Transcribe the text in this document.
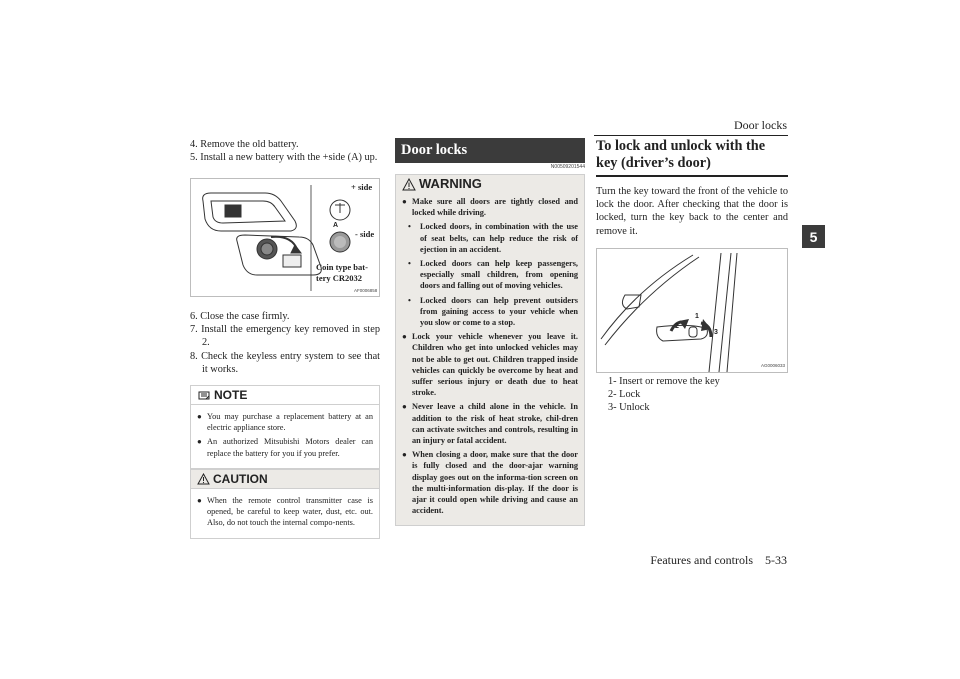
Door locks
5
Features and controls    5-33
4. Remove the old battery.
5. Install a new battery with the +side (A) up.
+ side
A
- side
Coin type bat-tery CR2032
AF0006858
6. Close the case firmly.
7. Install the emergency key removed in step 2.
8. Check the keyless entry system to see that it works.
NOTE
● You may purchase a replacement battery at an electric appliance store.
● An authorized Mitsubishi Motors dealer can replace the battery for you if you prefer.
CAUTION
● When the remote control transmitter case is opened, be careful to keep water, dust, etc. out. Also, do not touch the internal compo-nents.
Door locks
N00509201544
WARNING
● Make sure all doors are tightly closed and locked while driving.
• Locked doors, in combination with the use of seat belts, can help reduce the risk of ejection in an accident.
• Locked doors can help keep passengers, especially small children, from opening doors and falling out of moving vehicles.
• Locked doors can help prevent outsiders from gaining access to your vehicle when you slow or come to a stop.
● Lock your vehicle whenever you leave it. Children who get into unlocked vehicles may not be able to get out. Children trapped inside vehicles can quickly be overcome by heat and suffer serious injury or death due to heat stroke.
● Never leave a child alone in the vehicle. In addition to the risk of heat stroke, chil-dren can activate switches and controls, resulting in an injury or fatal accident.
● When closing a door, make sure that the door is fully closed and the door-ajar warning display goes out on the informa-tion screen on the multi-information dis-play. If the door is ajar it could open while driving and cause an accident.
To lock and unlock with the key (driver’s door)
Turn the key toward the front of the vehicle to lock the door. After checking that the door is locked, turn the key back to the center and remove it.
1
2
3
AG0006033
1- Insert or remove the key
2- Lock
3- Unlock
